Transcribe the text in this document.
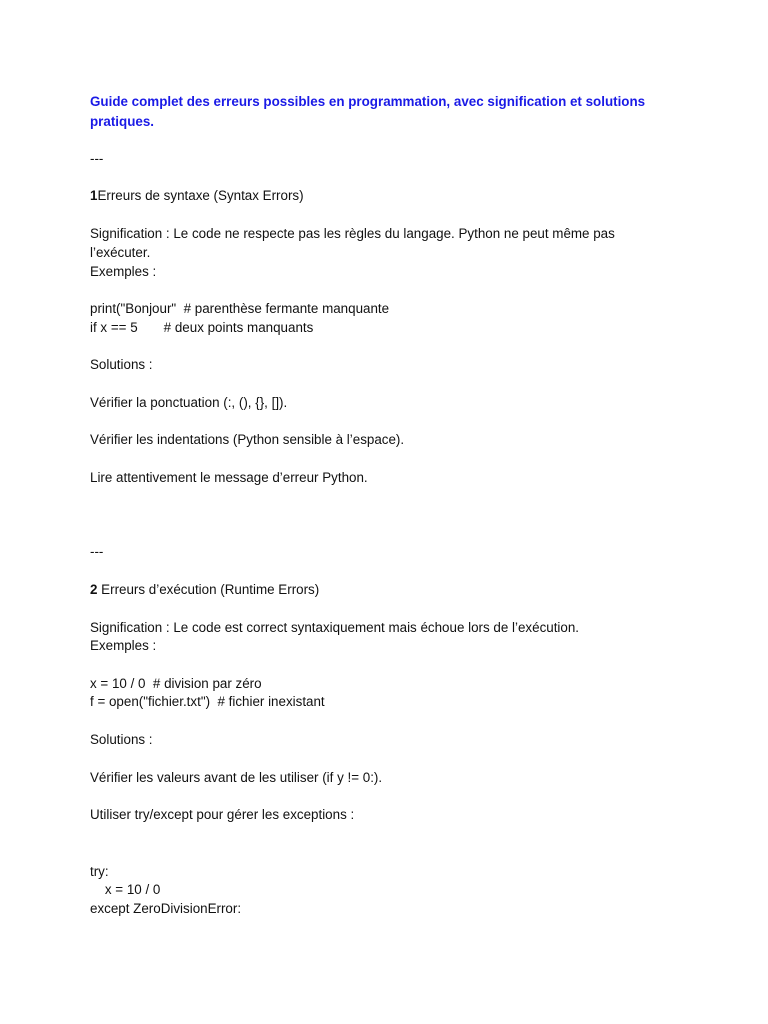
Guide complet des erreurs possibles en programmation, avec signification et solutions pratiques.
---
1Erreurs de syntaxe (Syntax Errors)
Signification : Le code ne respecte pas les règles du langage. Python ne peut même pas
l’exécuter.
Exemples :
print("Bonjour"  # parenthèse fermante manquante
if x == 5       # deux points manquants
Solutions :
Vérifier la ponctuation (:, (), {}, []).
Vérifier les indentations (Python sensible à l’espace).
Lire attentivement le message d’erreur Python.
---
2 Erreurs d’exécution (Runtime Errors)
Signification : Le code est correct syntaxiquement mais échoue lors de l’exécution.
Exemples :
x = 10 / 0  # division par zéro
f = open("fichier.txt")  # fichier inexistant
Solutions :
Vérifier les valeurs avant de les utiliser (if y != 0:).
Utiliser try/except pour gérer les exceptions :
try:
x = 10 / 0
except ZeroDivisionError:
